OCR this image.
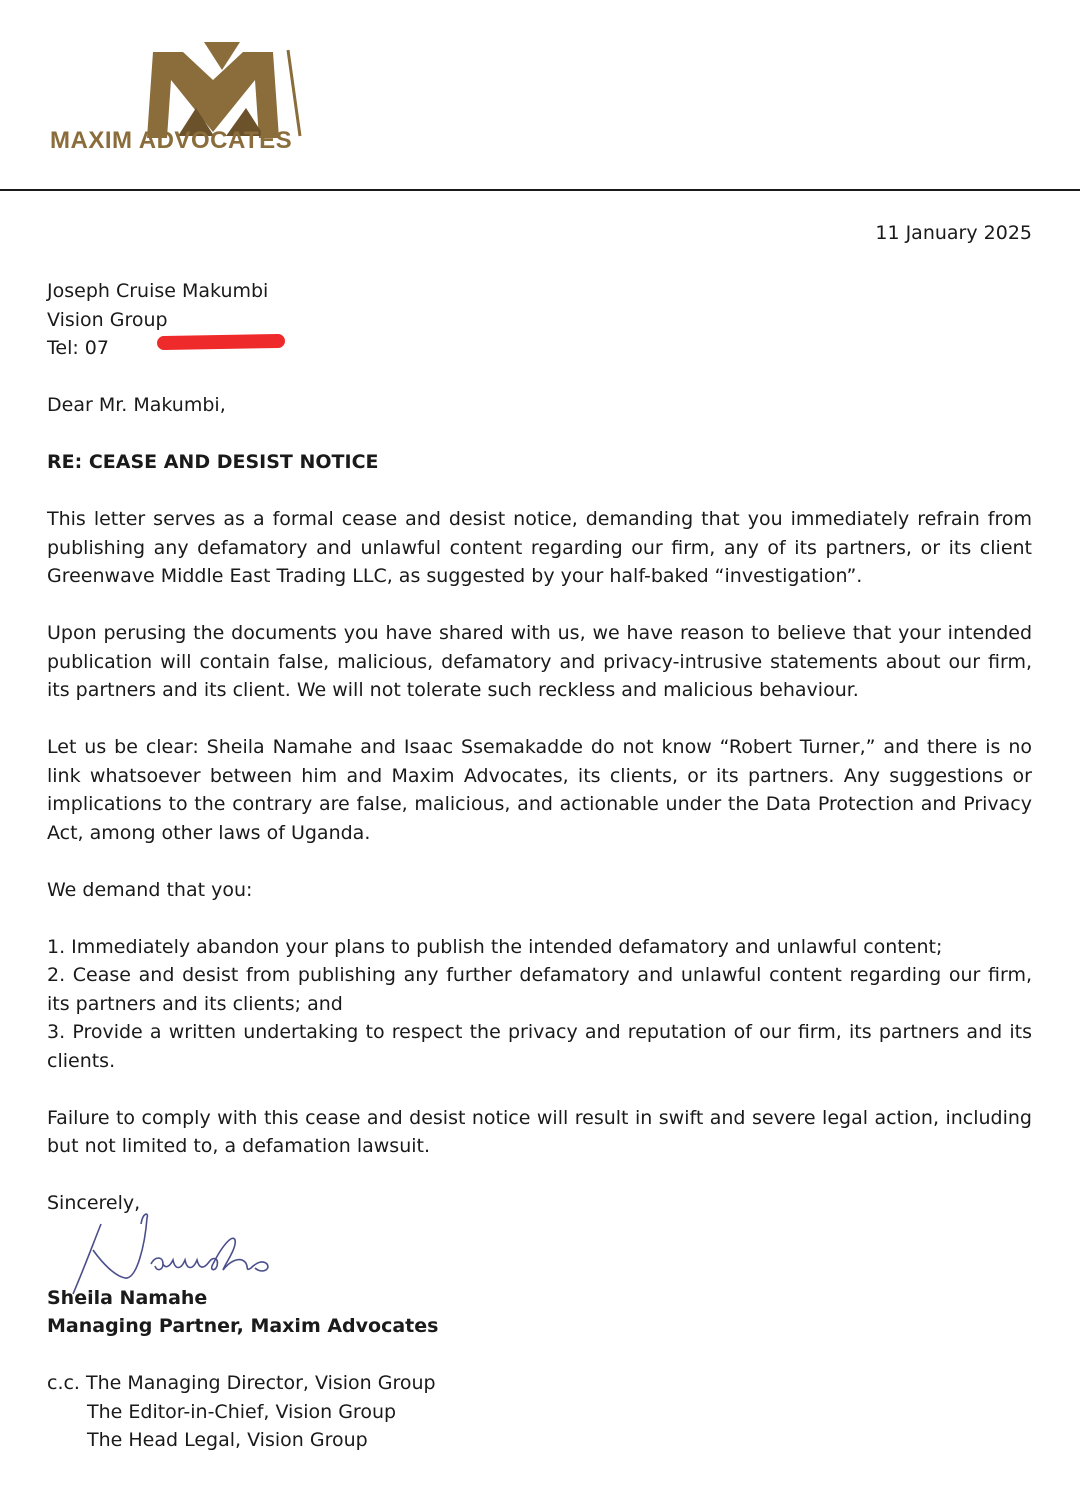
MAXIM ADVOCATES
11 January 2025

Joseph Cruise Makumbi
Vision Group
Tel: 07

Dear Mr. Makumbi,

RE: CEASE AND DESIST NOTICE

This letter serves as a formal cease and desist notice, demanding that you immediately refrain from publishing any defamatory and unlawful content regarding our firm, any of its partners, or its client Greenwave Middle East Trading LLC, as suggested by your half-baked “investigation”.

Upon perusing the documents you have shared with us, we have reason to believe that your intended publication will contain false, malicious, defamatory and privacy-intrusive statements about our firm, its partners and its client. We will not tolerate such reckless and malicious behaviour.

Let us be clear: Sheila Namahe and Isaac Ssemakadde do not know “Robert Turner,” and there is no link whatsoever between him and Maxim Advocates, its clients, or its partners. Any suggestions or implications to the contrary are false, malicious, and actionable under the Data Protection and Privacy Act, among other laws of Uganda.

We demand that you:

1. Immediately abandon your plans to publish the intended defamatory and unlawful content;
2. Cease and desist from publishing any further defamatory and unlawful content regarding our firm, its partners and its clients; and
3. Provide a written undertaking to respect the privacy and reputation of our firm, its partners and its clients.

Failure to comply with this cease and desist notice will result in swift and severe legal action, including but not limited to, a defamation lawsuit.

Sincerely,

Sheila Namahe
Managing Partner, Maxim Advocates

c.c. The Managing Director, Vision Group
The Editor-in-Chief, Vision Group
The Head Legal, Vision Group
